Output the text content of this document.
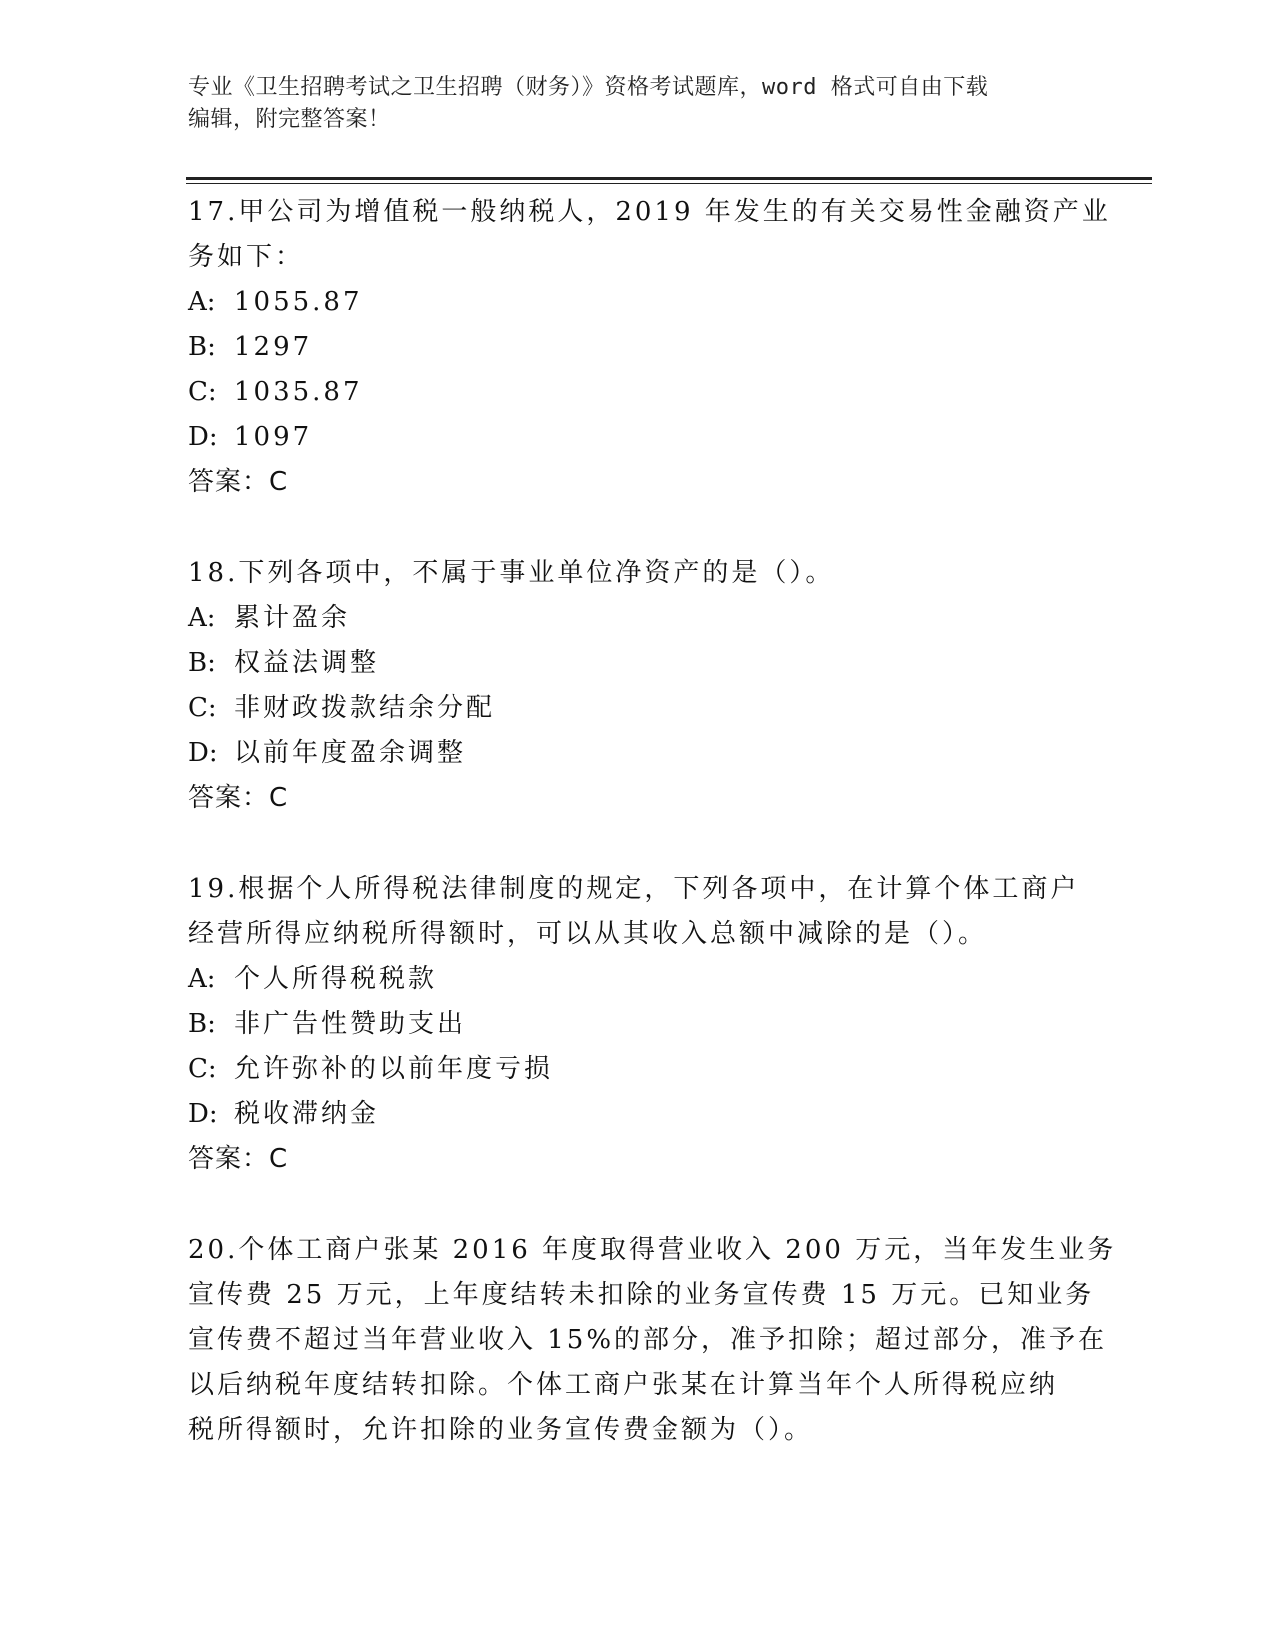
专业《卫生招聘考试之卫生招聘（财务）》资格考试题库，word 格式可自由下载

编辑，附完整答案！

17.甲公司为增值税一般纳税人，2019 年发生的有关交易性金融资产业

务如下：

A: 1055.87

B: 1297

C: 1035.87

D: 1097

答案：C

18.下列各项中，不属于事业单位净资产的是（）。

A: 累计盈余

B: 权益法调整

C: 非财政拨款结余分配

D: 以前年度盈余调整

答案：C

19.根据个人所得税法律制度的规定，下列各项中，在计算个体工商户

经营所得应纳税所得额时，可以从其收入总额中减除的是（）。

A: 个人所得税税款

B: 非广告性赞助支出

C: 允许弥补的以前年度亏损

D: 税收滞纳金

答案：C

20.个体工商户张某 2016 年度取得营业收入 200 万元，当年发生业务

宣传费 25 万元，上年度结转未扣除的业务宣传费 15 万元。已知业务

宣传费不超过当年营业收入 15%的部分，准予扣除；超过部分，准予在

以后纳税年度结转扣除。个体工商户张某在计算当年个人所得税应纳

税所得额时，允许扣除的业务宣传费金额为（）。
